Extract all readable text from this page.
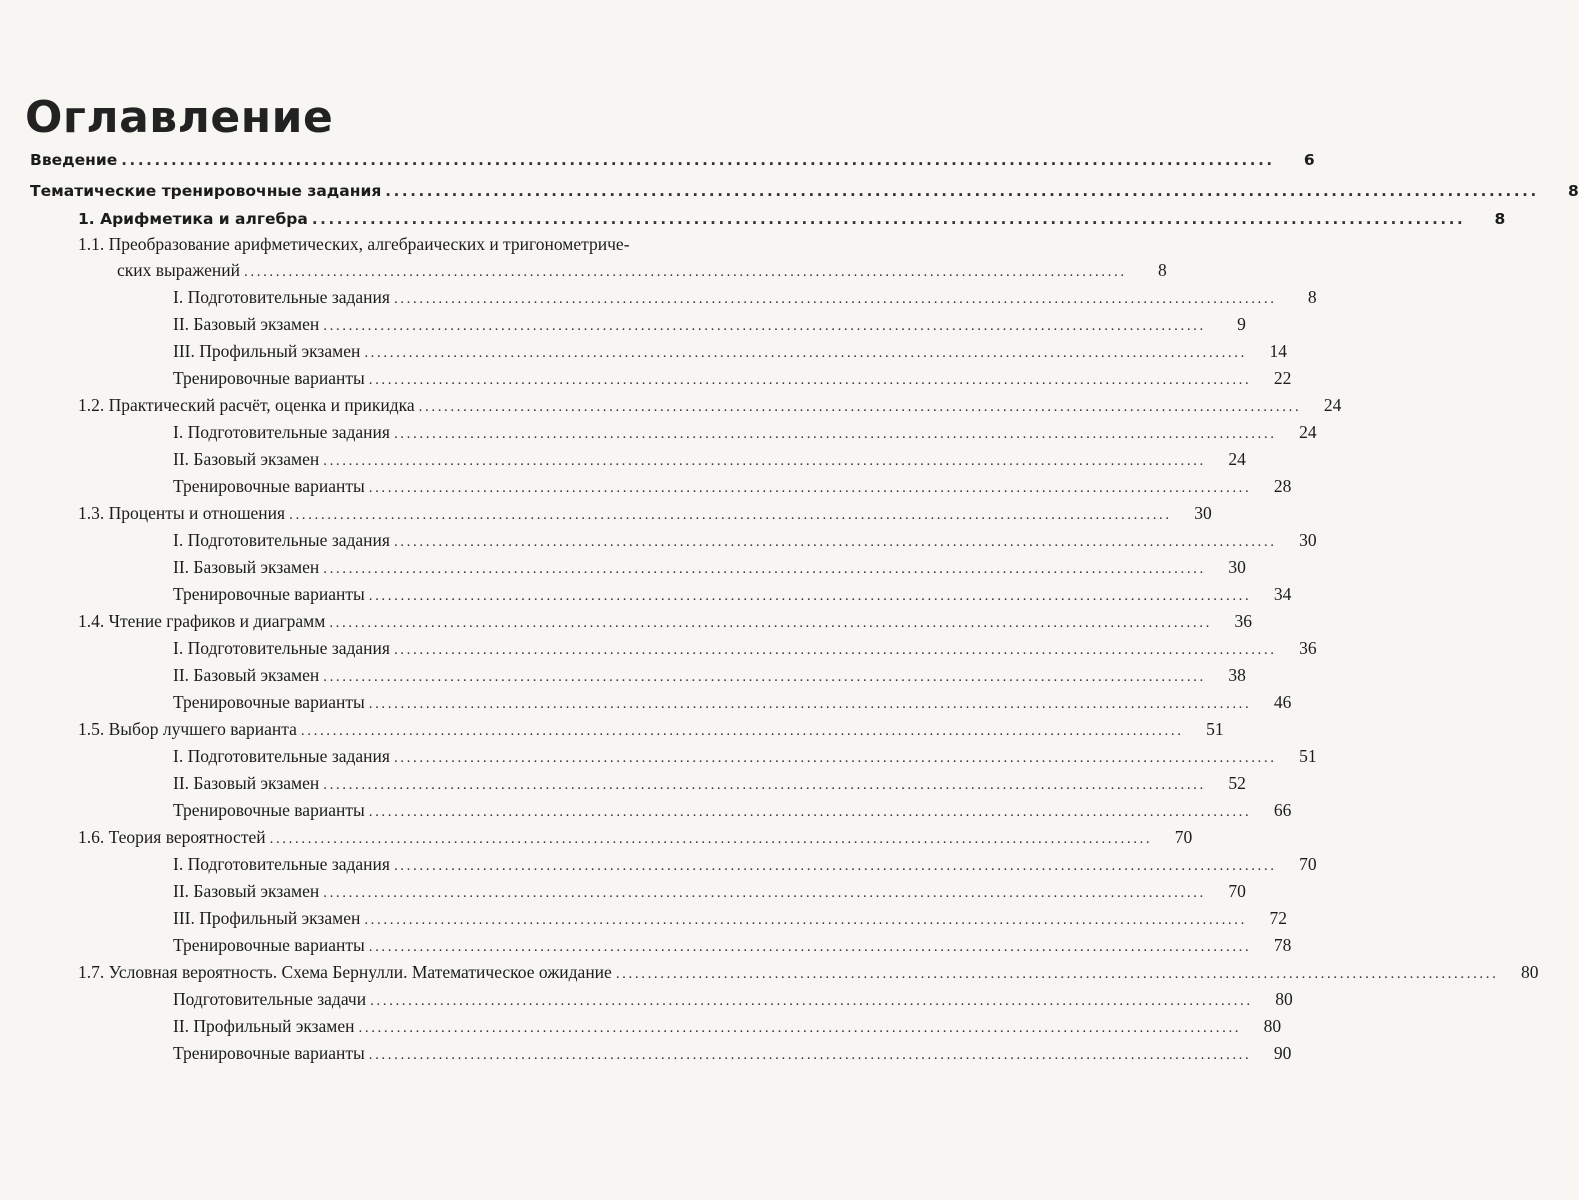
Оглавление
Введение ...........................................................................................................................................	6
Тематические тренировочные задания ...........................................................................................................................................	8
1. Арифметика и алгебра ...........................................................................................................................................	8
1.1. Преобразование арифметических, алгебраических и тригонометриче-
ских выражений ...........................................................................................................................................	8
I. Подготовительные задания ...........................................................................................................................................	8
II. Базовый экзамен ...........................................................................................................................................	9
III. Профильный экзамен ...........................................................................................................................................	14
Тренировочные варианты ...........................................................................................................................................	22
1.2. Практический расчёт, оценка и прикидка ...........................................................................................................................................	24
I. Подготовительные задания ...........................................................................................................................................	24
II. Базовый экзамен ...........................................................................................................................................	24
Тренировочные варианты ...........................................................................................................................................	28
1.3. Проценты и отношения ...........................................................................................................................................	30
I. Подготовительные задания ...........................................................................................................................................	30
II. Базовый экзамен ...........................................................................................................................................	30
Тренировочные варианты ...........................................................................................................................................	34
1.4. Чтение графиков и диаграмм ...........................................................................................................................................	36
I. Подготовительные задания ...........................................................................................................................................	36
II. Базовый экзамен ...........................................................................................................................................	38
Тренировочные варианты ...........................................................................................................................................	46
1.5. Выбор лучшего варианта ...........................................................................................................................................	51
I. Подготовительные задания ...........................................................................................................................................	51
II. Базовый экзамен ...........................................................................................................................................	52
Тренировочные варианты ...........................................................................................................................................	66
1.6. Теория вероятностей ...........................................................................................................................................	70
I. Подготовительные задания ...........................................................................................................................................	70
II. Базовый экзамен ...........................................................................................................................................	70
III. Профильный экзамен ...........................................................................................................................................	72
Тренировочные варианты ...........................................................................................................................................	78
1.7. Условная вероятность. Схема Бернулли. Математическое ожидание ...........................................................................................................................................	80
Подготовительные задачи ...........................................................................................................................................	80
II. Профильный экзамен ...........................................................................................................................................	80
Тренировочные варианты ...........................................................................................................................................	90
